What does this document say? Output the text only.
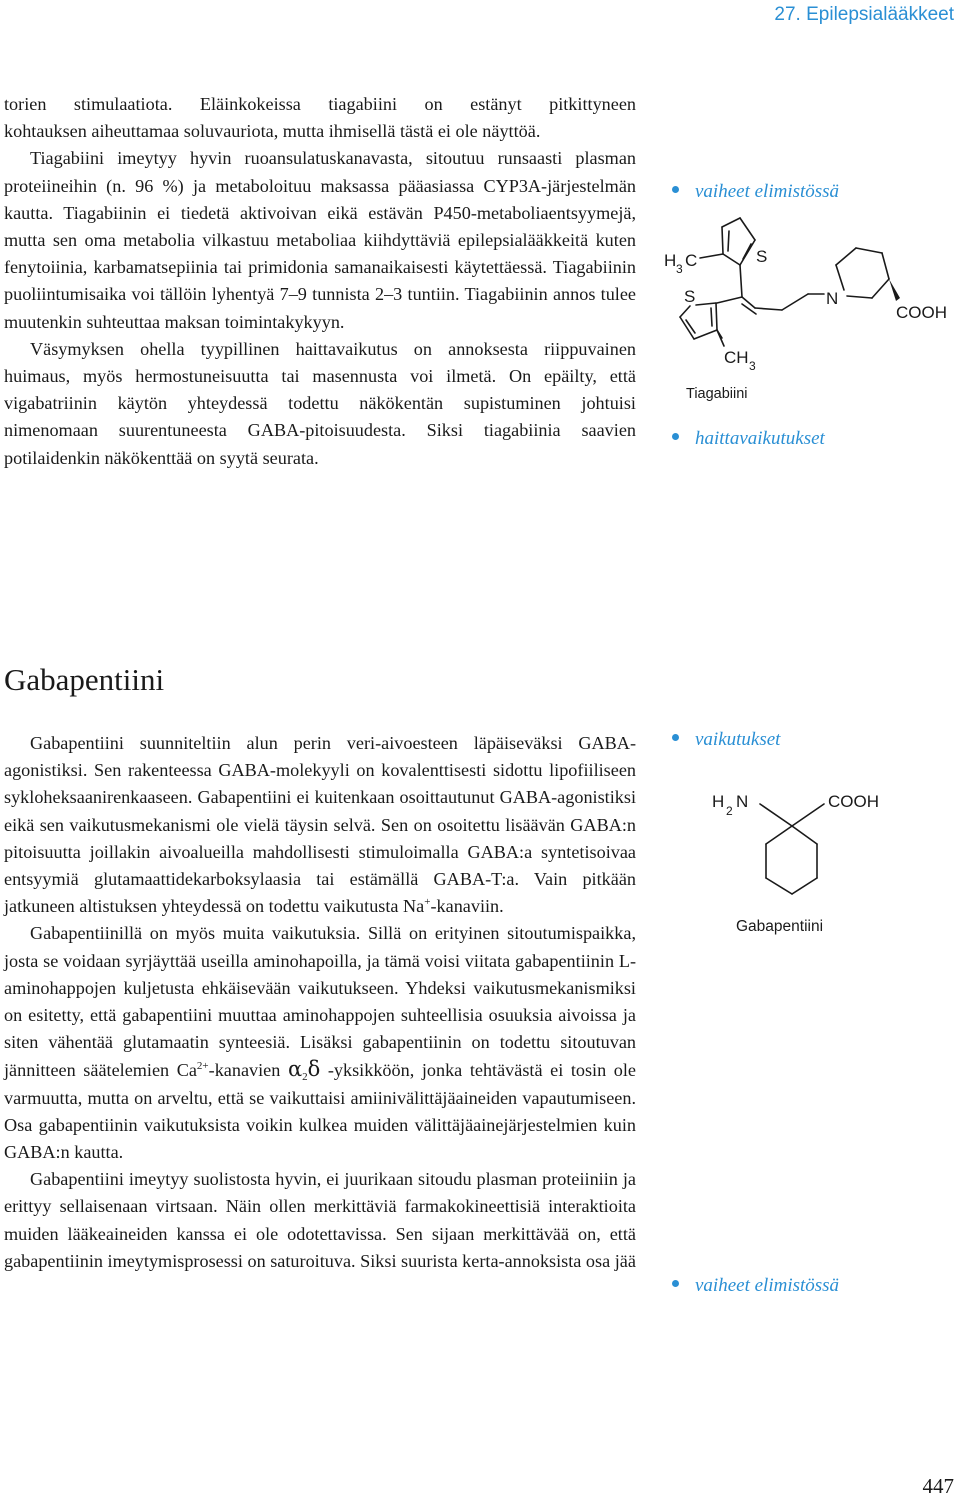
27. Epilepsialääkkeet

torien stimulaatiota. Eläinkokeissa tiagabiini on estänyt pitkittyneen

kohtauksen aiheuttamaa soluvauriota, mutta ihmisellä tästä ei ole näyttöä.

Tiagabiini imeytyy hyvin ruoansulatuskanavasta, sitoutuu runsaasti plasman proteiineihin (n. 96 %) ja metaboloituu maksassa pääasiassa CYP3A-järjestelmän kautta. Tiagabiinin ei tiedetä aktivoivan eikä estävän P450-metaboliaentsyymejä, mutta sen oma metabolia vilkastuu metaboliaa kiihdyttäviä epilepsialääkkeitä kuten fenytoiinia, karbamatsepiinia tai primidonia samanaikaisesti käytettäessä. Tiagabiinin puoliintumisaika voi tällöin lyhentyä 7–9 tunnista 2–3 tuntiin. Tiagabiinin annos tulee muutenkin suhteuttaa maksan toimintakykyyn.

Väsymyksen ohella tyypillinen haittavaikutus on annoksesta riippuvainen huimaus, myös hermostuneisuutta tai masennusta voi ilmetä. On epäilty, että vigabatriinin käytön yhteydessä todettu näkökentän supistuminen johtuisi nimenomaan suurentuneesta GABA-pitoisuudesta. Siksi tiagabiinia saavien potilaidenkin näkökenttää on syytä seurata.

vaiheet elimistössä
haittavaikutukset
vaikutukset
vaiheet elimistössä
H 3 C	S
S	N
COOH
CH 3
Tiagabiini
Gabapentiini

Gabapentiini suunniteltiin alun perin veri-aivoesteen läpäiseväksi GABA-agonistiksi. Sen rakenteessa GABA-molekyyli on kovalenttisesti sidottu lipofiiliseen sykloheksaanirenkaaseen. Gabapentiini ei kuitenkaan osoittautunut GABA-agonistiksi eikä sen vaikutusmekanismi ole vielä täysin selvä. Sen on osoitettu lisäävän GABA:n pitoisuutta joillakin aivoalueilla mahdollisesti stimuloimalla GABA:a syntetisoivaa entsyymiä glutamaattidekarboksylaasia tai estämällä GABA-T:a. Vain pitkään jatkuneen altistuksen yhteydessä on todettu vaikutusta Na+-kanaviin.

Gabapentiinillä on myös muita vaikutuksia. Sillä on erityinen sitoutumispaikka, josta se voidaan syrjäyttää useilla aminohapoilla, ja tämä voisi viitata gabapentiinin L-aminohappojen kuljetusta ehkäisevään vaikutukseen. Yhdeksi vaikutusmekanismiksi on esitetty, että gabapentiini muuttaa aminohappojen suhteellisia osuuksia aivoissa ja siten vähentää glutamaatin synteesiä. Lisäksi gabapentiinin on todettu sitoutuvan jännitteen säätelemien $Ca^{2+}$-kanavien $\alpha_2\delta$ -yksikköön, jonka tehtävästä ei tosin ole varmuutta, mutta on arveltu, että se vaikuttaisi amiinivälittäjäaineiden vapautumiseen. Osa gabapentiinin vaikutuksista voikin kulkea muiden välittäjäainejärjestelmien kuin GABA:n kautta.

Gabapentiini imeytyy suolistosta hyvin, ei juurikaan sitoudu plasman proteiiniin ja erittyy sellaisenaan virtsaan. Näin ollen merkittäviä farmakokineettisiä interaktioita muiden lääkeaineiden kanssa ei ole odotettavissa. Sen sijaan merkittävää on, että gabapentiinin imeytymisprosessi on saturoituva. Siksi suurista kerta-annoksista osa jää

H 2 N	COOH
Gabapentiini
447
